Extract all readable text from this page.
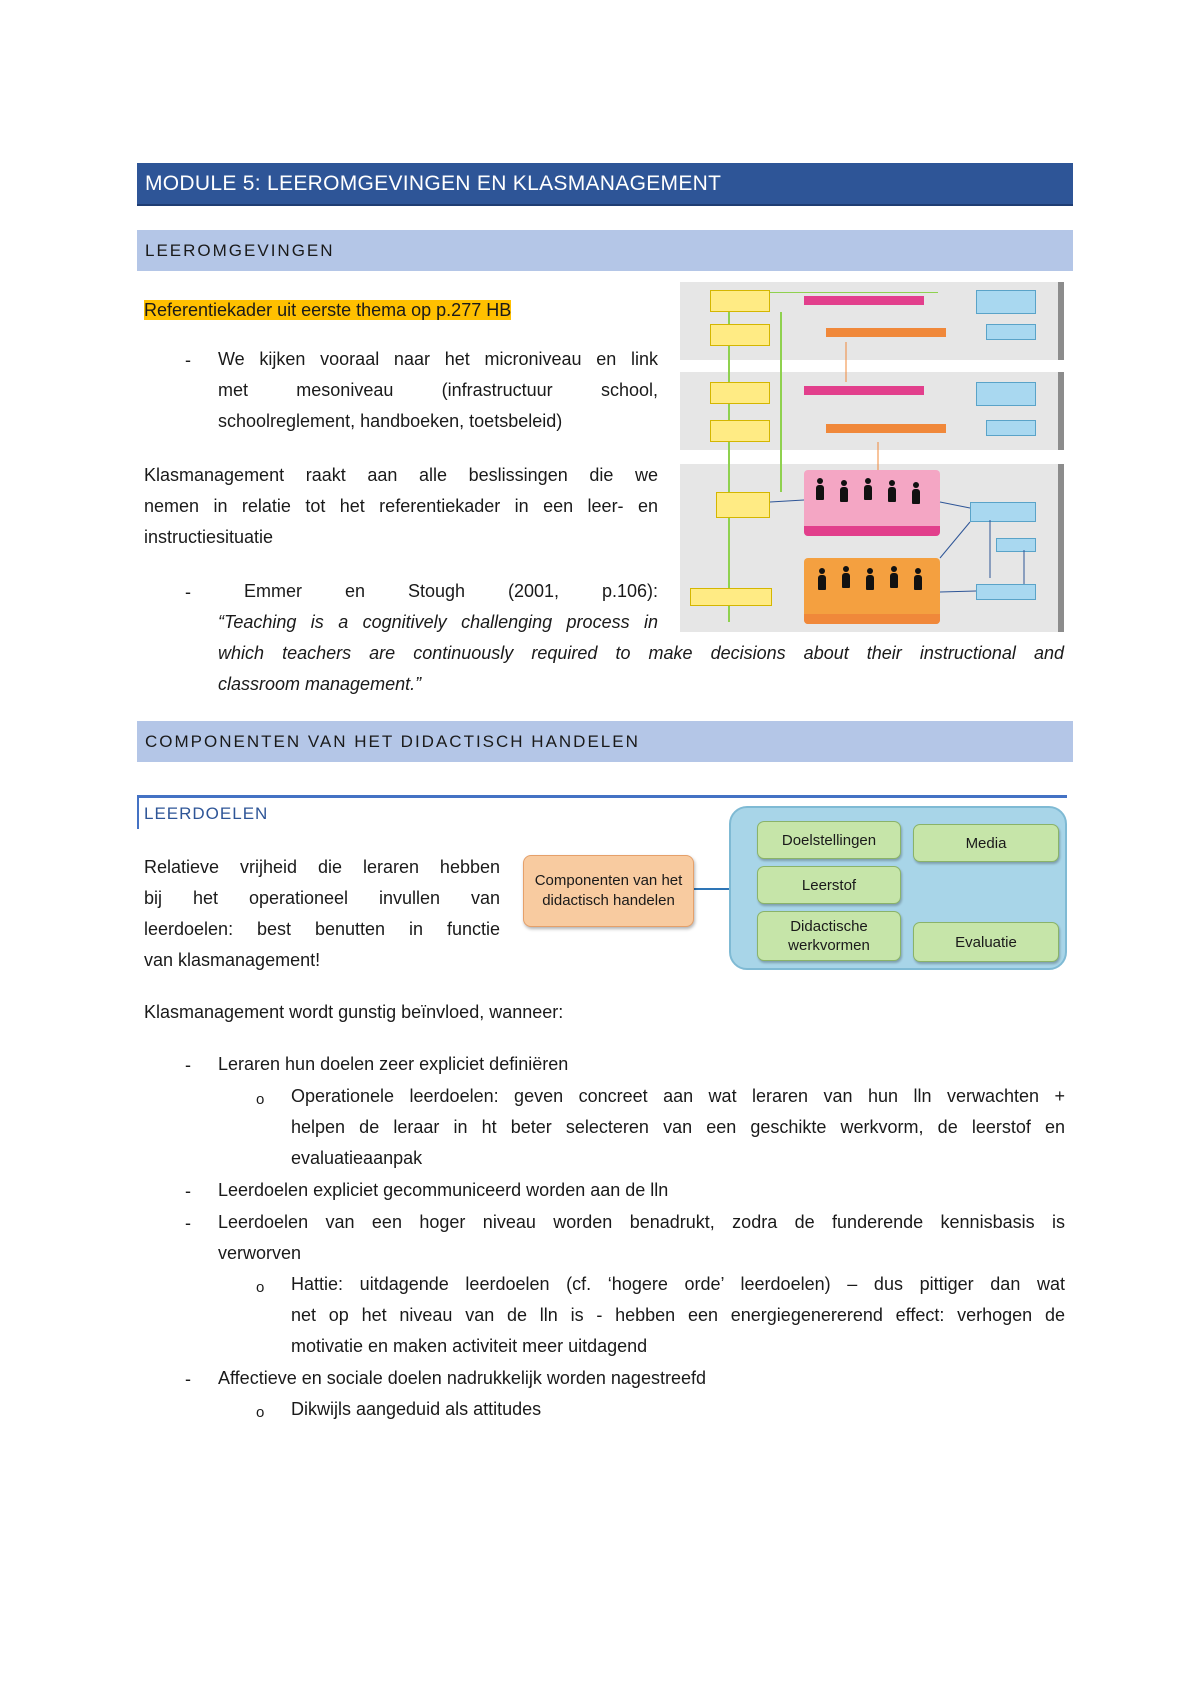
MODULE 5: LEEROMGEVINGEN EN KLASMANAGEMENT
LEEROMGEVINGEN
Referentiekader uit eerste thema op p.277 HB
- We kijken vooraal naar het microniveau en link
met mesoniveau (infrastructuur school,
schoolreglement, handboeken, toetsbeleid)
Klasmanagement raakt aan alle beslissingen die we
nemen in relatie tot het referentiekader in een leer- en
instructiesituatie
-	Emmer en Stough (2001, p.106):
“Teaching is a cognitively challenging process in
which teachers are continuously required to make decisions about their instructional and
classroom management.”
COMPONENTEN VAN HET DIDACTISCH HANDELEN
LEERDOELEN
Relatieve vrijheid die leraren hebben
bij het operationeel invullen van
leerdoelen: best benutten in functie
van klasmanagement!
Componenten van het didactisch handelen
Doelstellingen	Media
Leerstof
Didactische werkvormen	Evaluatie
Klasmanagement wordt gunstig beïnvloed, wanneer:
- Leraren hun doelen zeer expliciet definiëren
o Operationele leerdoelen: geven concreet aan wat leraren van hun lln verwachten +
helpen de leraar in ht beter selecteren van een geschikte werkvorm, de leerstof en
evaluatieaanpak
- Leerdoelen expliciet gecommuniceerd worden aan de lln
- Leerdoelen van een hoger niveau worden benadrukt, zodra de funderende kennisbasis is
verworven
o Hattie: uitdagende leerdoelen (cf. ‘hogere orde’ leerdoelen) – dus pittiger dan wat
net op het niveau van de lln is - hebben een energiegenererend effect: verhogen de
motivatie en maken activiteit meer uitdagend
- Affectieve en sociale doelen nadrukkelijk worden nagestreefd
o Dikwijls aangeduid als attitudes
